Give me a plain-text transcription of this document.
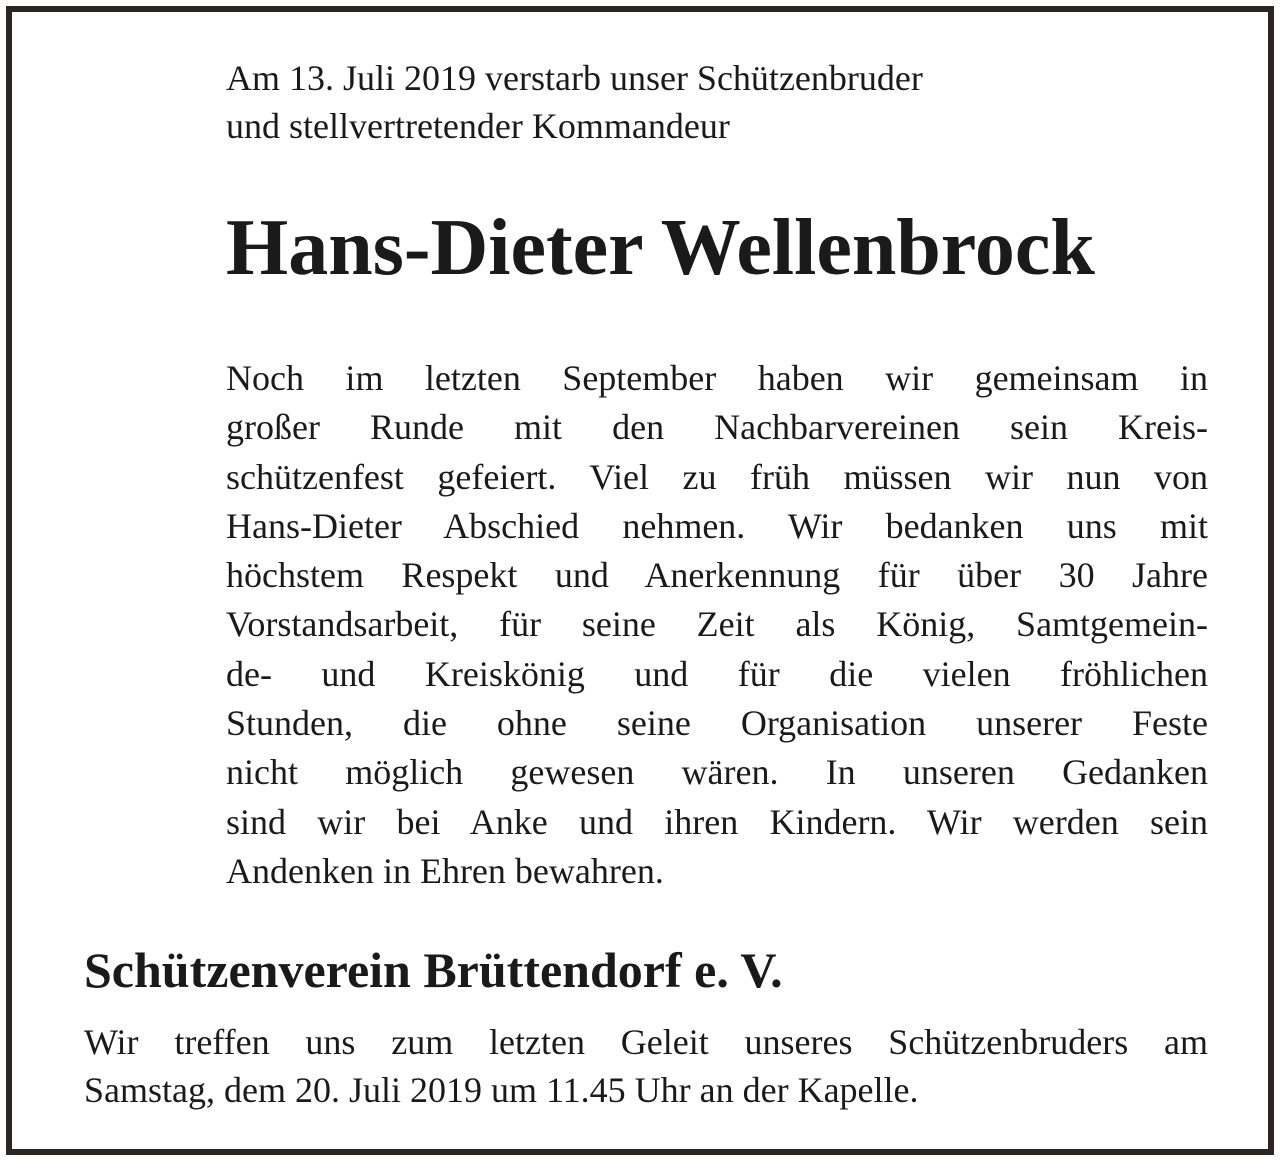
Am 13. Juli 2019 verstarb unser Schützenbruder
und stellvertretender Kommandeur

Hans-Dieter Wellenbrock

Noch im letzten September haben wir gemeinsam in
großer Runde mit den Nachbarvereinen sein Kreis-
schützenfest gefeiert. Viel zu früh müssen wir nun von
Hans-Dieter Abschied nehmen. Wir bedanken uns mit
höchstem Respekt und Anerkennung für über 30 Jahre
Vorstandsarbeit, für seine Zeit als König, Samtgemein-
de- und Kreiskönig und für die vielen fröhlichen
Stunden, die ohne seine Organisation unserer Feste
nicht möglich gewesen wären. In unseren Gedanken
sind wir bei Anke und ihren Kindern. Wir werden sein
Andenken in Ehren bewahren.

Schützenverein Brüttendorf e. V.

Wir treffen uns zum letzten Geleit unseres Schützenbruders am
Samstag, dem 20. Juli 2019 um 11.45 Uhr an der Kapelle.
